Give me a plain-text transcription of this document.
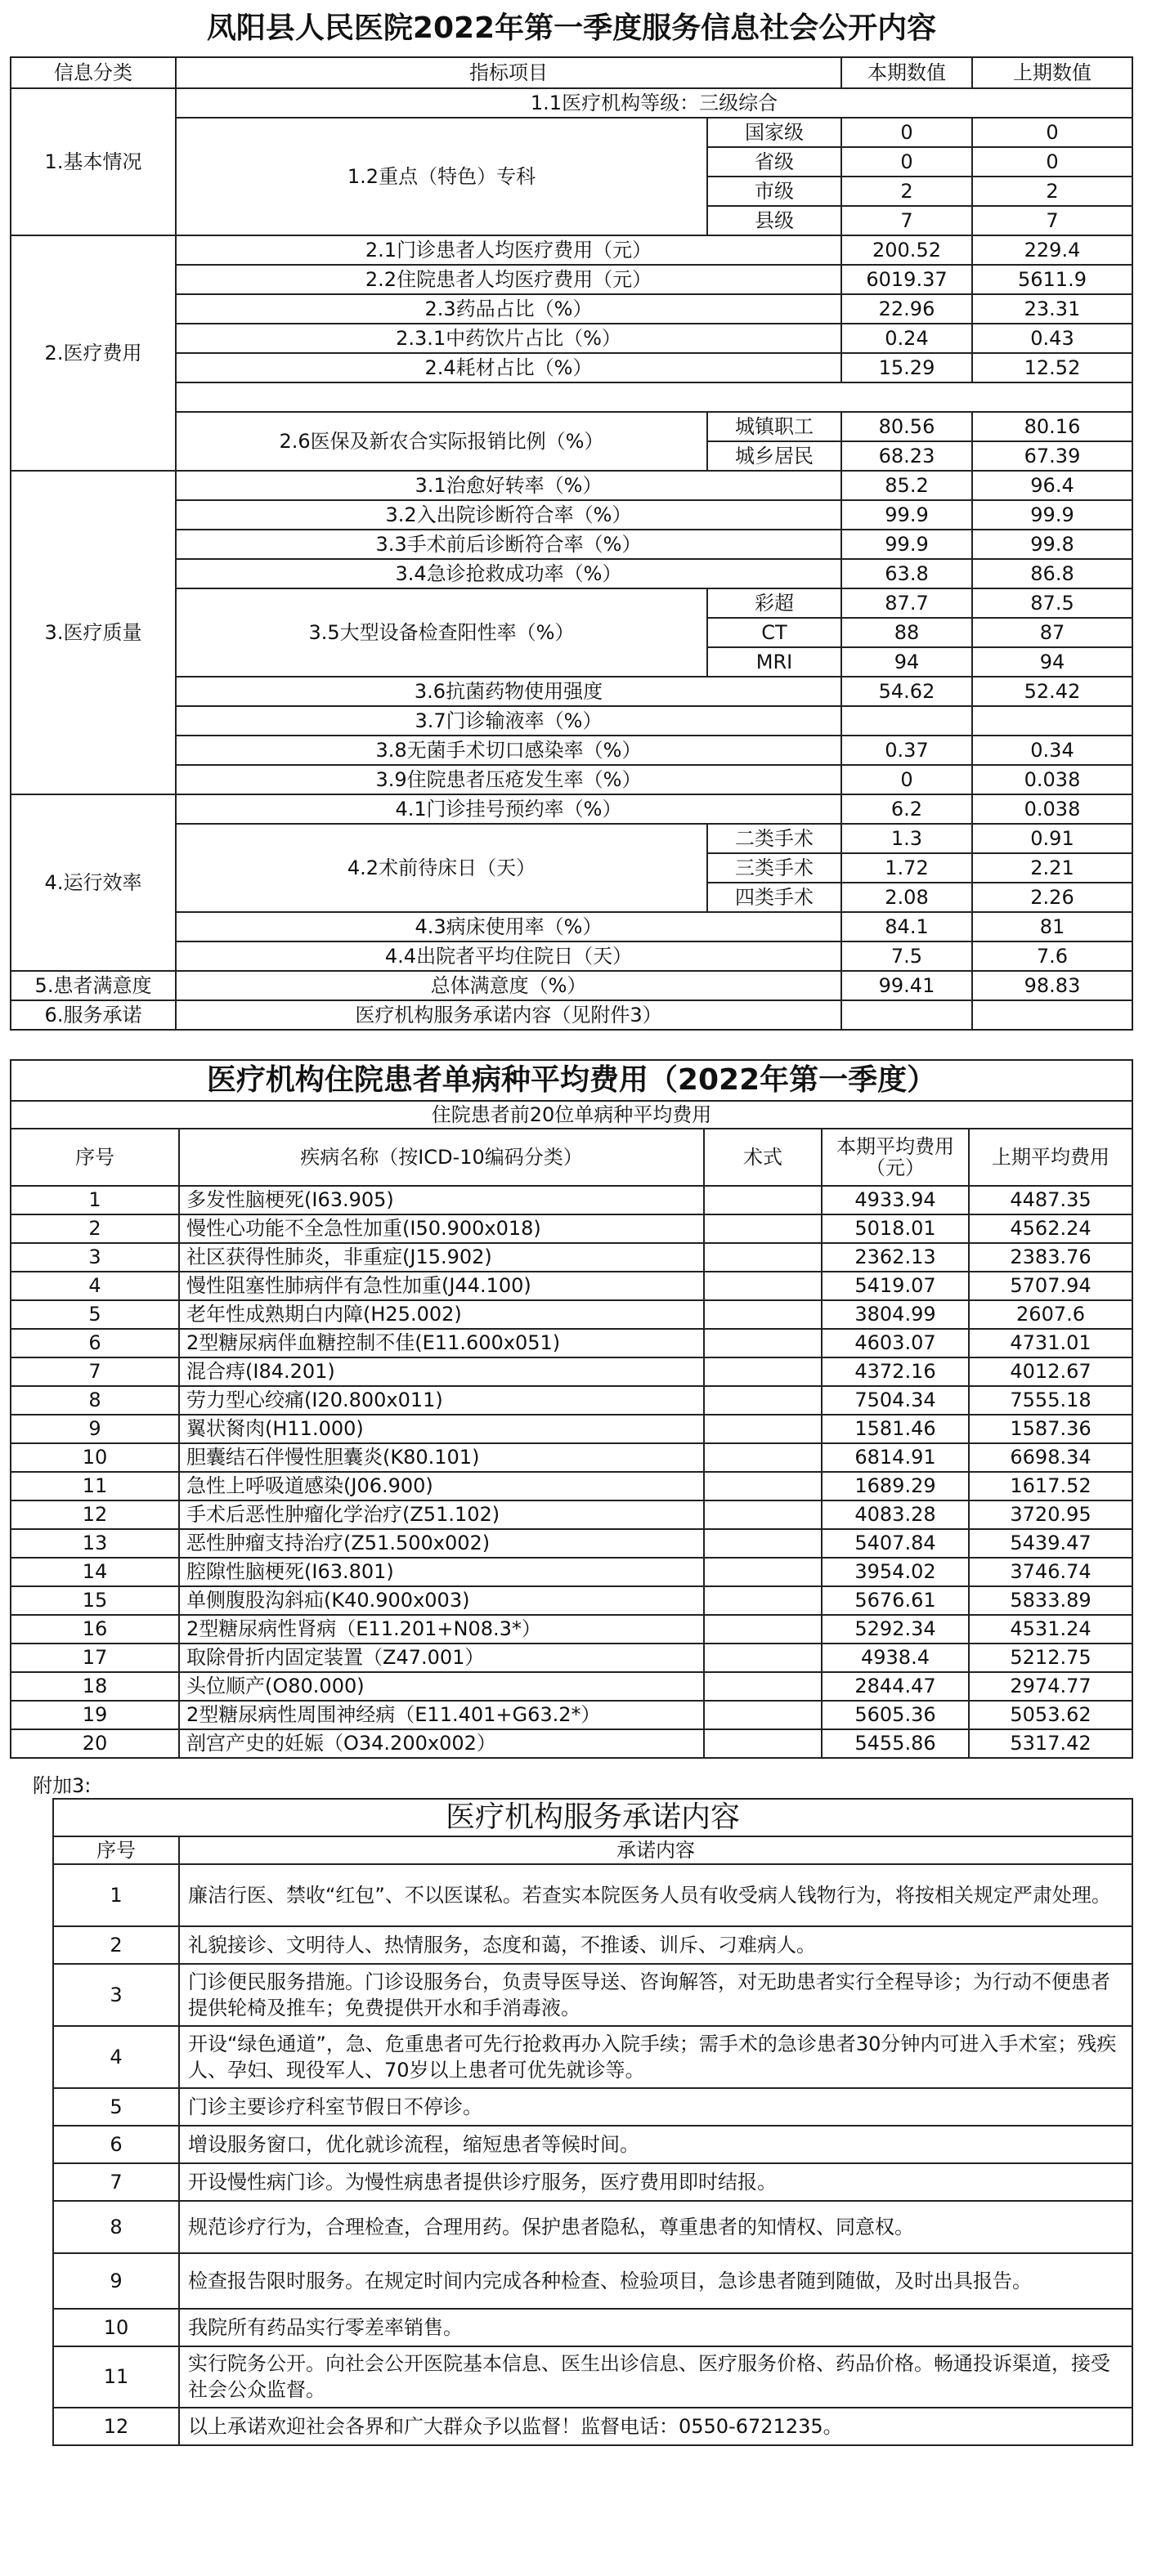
凤阳县人民医院2022年第一季度服务信息社会公开内容				
信息分类	指标项目		本期数值	上期数值
1.基本情况	1.1医疗机构等级：三级综合			
	1.2重点（特色）专科	国家级	0	0
		省级	0	0
		市级	2	2
		县级	7	7
2.医疗费用	2.1门诊患者人均医疗费用（元）		200.52	229.4
	2.2住院患者人均医疗费用（元）		6019.37	5611.9
	2.3药品占比（%）		22.96	23.31
	2.3.1中药饮片占比（%）		0.24	0.43
	2.4耗材占比（%）		15.29	12.52

	2.6医保及新农合实际报销比例（%）	城镇职工	80.56	80.16
		城乡居民	68.23	67.39
3.医疗质量	3.1治愈好转率（%）		85.2	96.4
	3.2入出院诊断符合率（%）		99.9	99.9
	3.3手术前后诊断符合率（%）		99.9	99.8
	3.4急诊抢救成功率（%）		63.8	86.8
	3.5大型设备检查阳性率（%）	彩超	87.7	87.5
		CT	88	87
		MRI	94	94
	3.6抗菌药物使用强度		54.62	52.42
	3.7门诊输液率（%）			
	3.8无菌手术切口感染率（%）		0.37	0.34
	3.9住院患者压疮发生率（%）		0	0.038
4.运行效率	4.1门诊挂号预约率（%）		6.2	0.038
	4.2术前待床日（天）	二类手术	1.3	0.91
		三类手术	1.72	2.21
		四类手术	2.08	2.26
	4.3病床使用率（%）		84.1	81
	4.4出院者平均住院日（天）		7.5	7.6
5.患者满意度	总体满意度（%）		99.41	98.83
6.服务承诺	医疗机构服务承诺内容（见附件3）			
医疗机构住院患者单病种平均费用（2022年第一季度）				
住院患者前20位单病种平均费用				
序号	疾病名称（按ICD-10编码分类）	术式	本期平均费用（元）	上期平均费用
1	多发性脑梗死(I63.905)		4933.94	4487.35
2	慢性心功能不全急性加重(I50.900x018)		5018.01	4562.24
3	社区获得性肺炎，非重症(J15.902)		2362.13	2383.76
4	慢性阻塞性肺病伴有急性加重(J44.100)		5419.07	5707.94
5	老年性成熟期白内障(H25.002)		3804.99	2607.6
6	2型糖尿病伴血糖控制不佳(E11.600x051)		4603.07	4731.01
7	混合痔(I84.201)		4372.16	4012.67
8	劳力型心绞痛(I20.800x011)		7504.34	7555.18
9	翼状胬肉(H11.000)		1581.46	1587.36
10	胆囊结石伴慢性胆囊炎(K80.101)		6814.91	6698.34
11	急性上呼吸道感染(J06.900)		1689.29	1617.52
12	手术后恶性肿瘤化学治疗(Z51.102)		4083.28	3720.95
13	恶性肿瘤支持治疗(Z51.500x002)		5407.84	5439.47
14	腔隙性脑梗死(I63.801)		3954.02	3746.74
15	单侧腹股沟斜疝(K40.900x003)		5676.61	5833.89
16	2型糖尿病性肾病（E11.201+N08.3*）		5292.34	4531.24
17	取除骨折内固定装置（Z47.001）		4938.4	5212.75
18	头位顺产(O80.000)		2844.47	2974.77
19	2型糖尿病性周围神经病（E11.401+G63.2*）		5605.36	5053.62
20	剖宫产史的妊娠（O34.200x002）		5455.86	5317.42
附加3:
医疗机构服务承诺内容	
序号	承诺内容
1	廉洁行医、禁收“红包”、不以医谋私。若查实本院医务人员有收受病人钱物行为，将按相关规定严肃处理。
2	礼貌接诊、文明待人、热情服务，态度和蔼，不推诿、训斥、刁难病人。
3	门诊便民服务措施。门诊设服务台，负责导医导送、咨询解答，对无助患者实行全程导诊；为行动不便患者提供轮椅及推车；免费提供开水和手消毒液。
4	开设“绿色通道”，急、危重患者可先行抢救再办入院手续；需手术的急诊患者30分钟内可进入手术室；残疾人、孕妇、现役军人、70岁以上患者可优先就诊等。
5	门诊主要诊疗科室节假日不停诊。
6	增设服务窗口，优化就诊流程，缩短患者等候时间。
7	开设慢性病门诊。为慢性病患者提供诊疗服务，医疗费用即时结报。
8	规范诊疗行为，合理检查，合理用药。保护患者隐私，尊重患者的知情权、同意权。
9	检查报告限时服务。在规定时间内完成各种检查、检验项目，急诊患者随到随做，及时出具报告。
10	我院所有药品实行零差率销售。
11	实行院务公开。向社会公开医院基本信息、医生出诊信息、医疗服务价格、药品价格。畅通投诉渠道，接受社会公众监督。
12	以上承诺欢迎社会各界和广大群众予以监督！监督电话：0550-6721235。
